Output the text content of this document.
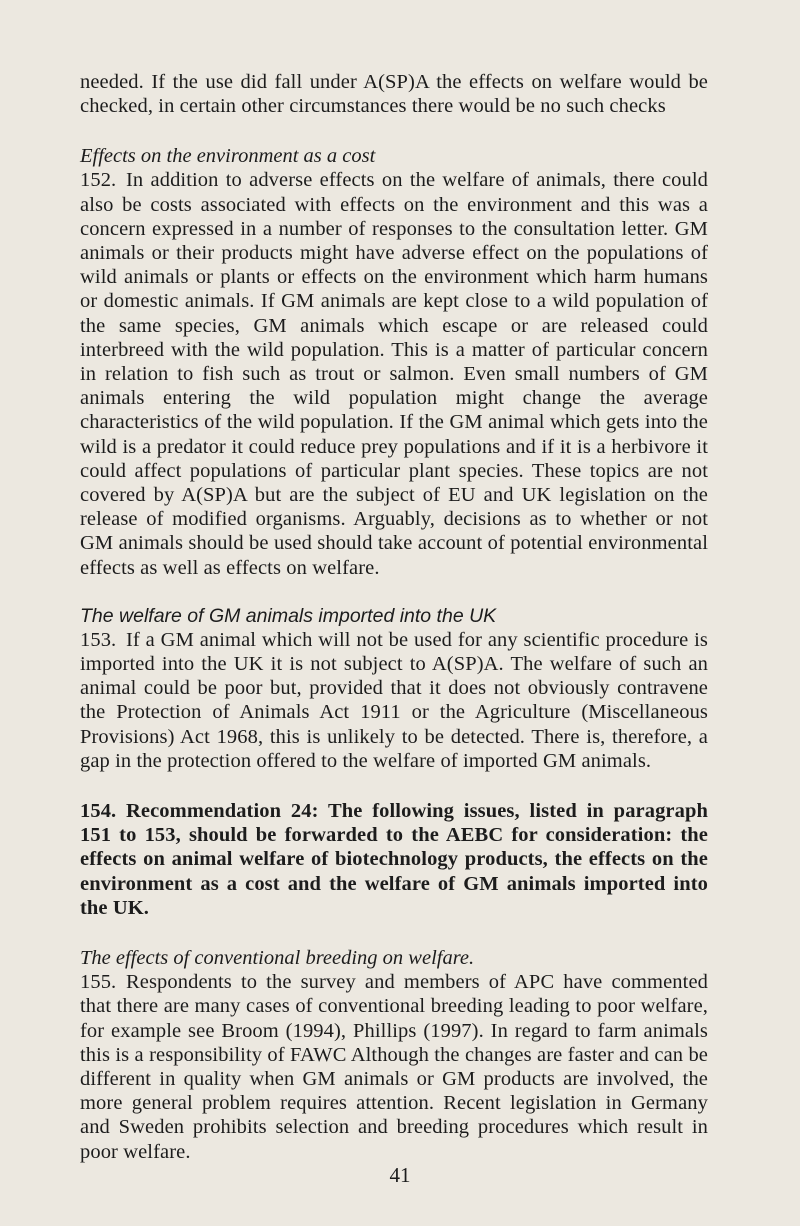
needed. If the use did fall under A(SP)A the effects on welfare would be checked, in certain other circumstances there would be no such checks

Effects on the environment as a cost

152. In addition to adverse effects on the welfare of animals, there could also be costs associated with effects on the environment and this was a concern expressed in a number of responses to the consultation letter. GM animals or their products might have adverse effect on the populations of wild animals or plants or effects on the environment which harm humans or domestic animals. If GM animals are kept close to a wild population of the same species, GM animals which escape or are released could interbreed with the wild population. This is a matter of particular concern in relation to fish such as trout or salmon. Even small numbers of GM animals entering the wild population might change the average characteristics of the wild population. If the GM animal which gets into the wild is a predator it could reduce prey populations and if it is a herbivore it could affect populations of particular plant species. These topics are not covered by A(SP)A but are the subject of EU and UK legislation on the release of modified organisms. Arguably, decisions as to whether or not GM animals should be used should take account of potential environmental effects as well as effects on welfare.

The welfare of GM animals imported into the UK

153. If a GM animal which will not be used for any scientific procedure is imported into the UK it is not subject to A(SP)A. The welfare of such an animal could be poor but, provided that it does not obviously contravene the Protection of Animals Act 1911 or the Agriculture (Miscellaneous Provisions) Act 1968, this is unlikely to be detected. There is, therefore, a gap in the protection offered to the welfare of imported GM animals.

154. Recommendation 24: The following issues, listed in paragraph 151 to 153, should be forwarded to the AEBC for consideration: the effects on animal welfare of biotechnology products, the effects on the environment as a cost and the welfare of GM animals imported into the UK.

The effects of conventional breeding on welfare.

155. Respondents to the survey and members of APC have commented that there are many cases of conventional breeding leading to poor welfare, for example see Broom (1994), Phillips (1997). In regard to farm animals this is a responsibility of FAWC Although the changes are faster and can be different in quality when GM animals or GM products are involved, the more general problem requires attention. Recent legislation in Germany and Sweden prohibits selection and breeding procedures which result in poor welfare.

41
